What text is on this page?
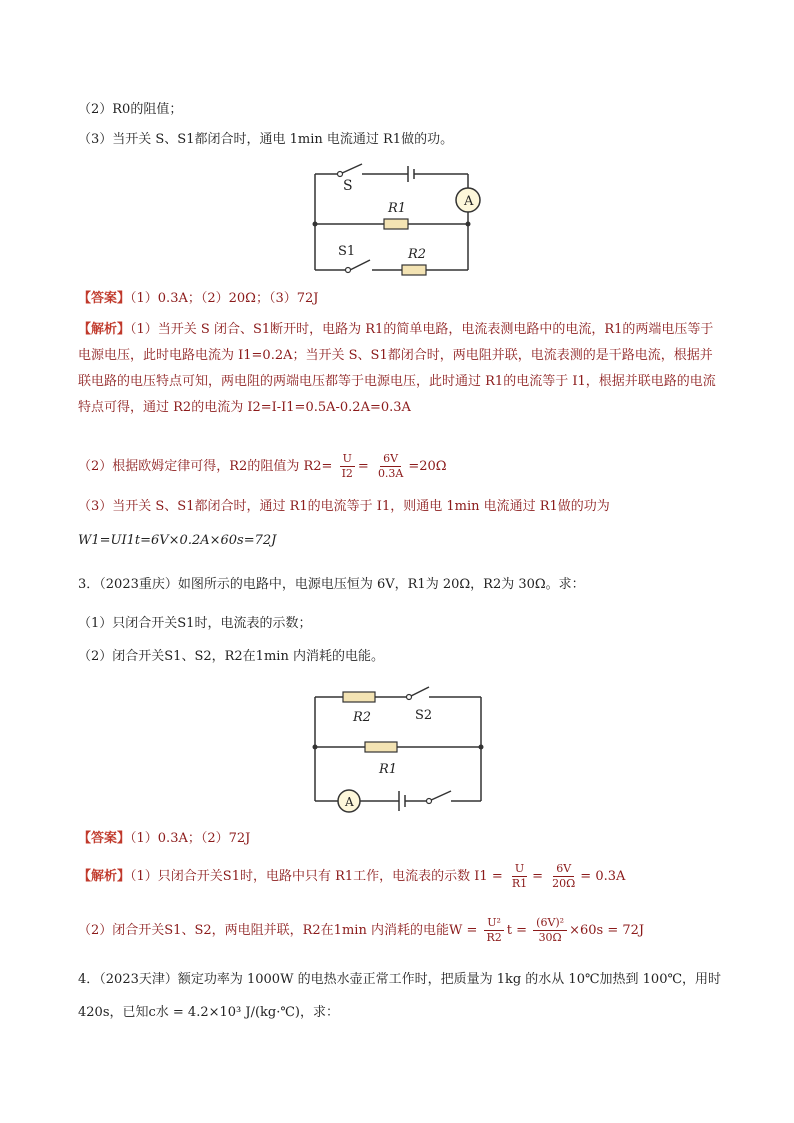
（2）R0的阻值；
（3）当开关 S、S1都闭合时，通电 1min 电流通过 R1做的功。
A
S
R1
S1	R2
【答案】（1）0.3A；（2）20Ω；（3）72J
【解析】（1）当开关 S 闭合、S1断开时，电路为 R1的简单电路，电流表测电路中的电流，R1的两端电压等于电源电压，此时电路电流为 I1=0.2A；当开关 S、S1都闭合时，两电阻并联，电流表测的是干路电流，根据并联电路的电压特点可知，两电阻的两端电压都等于电源电压，此时通过 R1的电流等于 I1，根据并联电路的电流特点可得，通过 R2的电流为 I2=I-I1=0.5A-0.2A=0.3A
（2）根据欧姆定律可得，R2的阻值为 $R2= \frac{U}{I2} = \frac{6V}{0.3A} =20\Omega$
（3）当开关 S、S1都闭合时，通过 R1的电流等于 I1，则通电 1min 电流通过 R1做的功为
W1=UI1t=6V×0.2A×60s=72J
3．（2023重庆）如图所示的电路中，电源电压恒为 6V，R1为 20Ω，R2为 30Ω。求：
（1）只闭合开关S1时，电流表的示数；
（2）闭合开关S1、S2，R2在1min 内消耗的电能。
A
R2	S2
R1
【答案】（1）0.3A；（2）72J
【解析】（1）只闭合开关S1时，电路中只有 R1工作，电流表的示数 $I1 = \frac{U}{R1} = \frac{6V}{20\Omega} = 0.3A$
（2）闭合开关S1、S2，两电阻并联，R2在1min 内消耗的电能$W = \frac{\text{U²}}{R2}$ $t = \frac{\text{(6V)²}}{30\Omega} \times 60s = 72J$
4．（2023天津）额定功率为 1000W 的电热水壶正常工作时，把质量为 1kg 的水从 10℃加热到 100℃，用时
420s，已知c水 = 4.2×10³ J/(kg·℃)，求：
